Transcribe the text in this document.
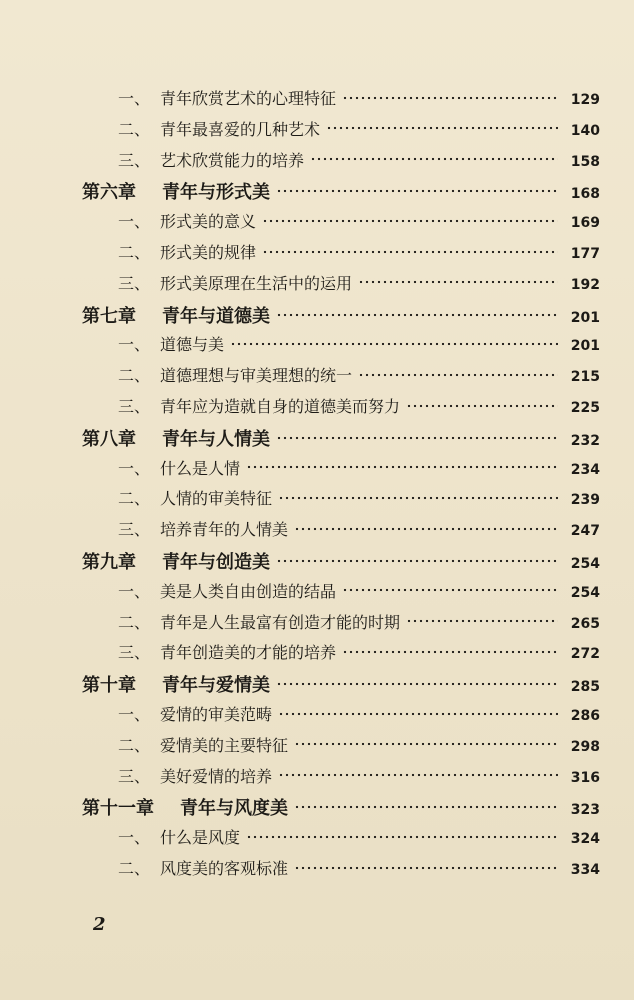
一、 青年欣赏艺术的心理特征	129
二、 青年最喜爱的几种艺术	140
三、 艺术欣赏能力的培养	158
第六章 青年与形式美	168
一、 形式美的意义	169
二、 形式美的规律	177
三、 形式美原理在生活中的运用	192
第七章 青年与道德美	201
一、 道德与美	201
二、 道德理想与审美理想的统一	215
三、 青年应为造就自身的道德美而努力	225
第八章 青年与人情美	232
一、 什么是人情	234
二、 人情的审美特征	239
三、 培养青年的人情美	247
第九章 青年与创造美	254
一、 美是人类自由创造的结晶	254
二、 青年是人生最富有创造才能的时期	265
三、 青年创造美的才能的培养	272
第十章 青年与爱情美	285
一、 爱情的审美范畴	286
二、 爱情美的主要特征	298
三、 美好爱情的培养	316
第十一章 青年与风度美	323
一、 什么是风度	324
二、 风度美的客观标准	334
2
